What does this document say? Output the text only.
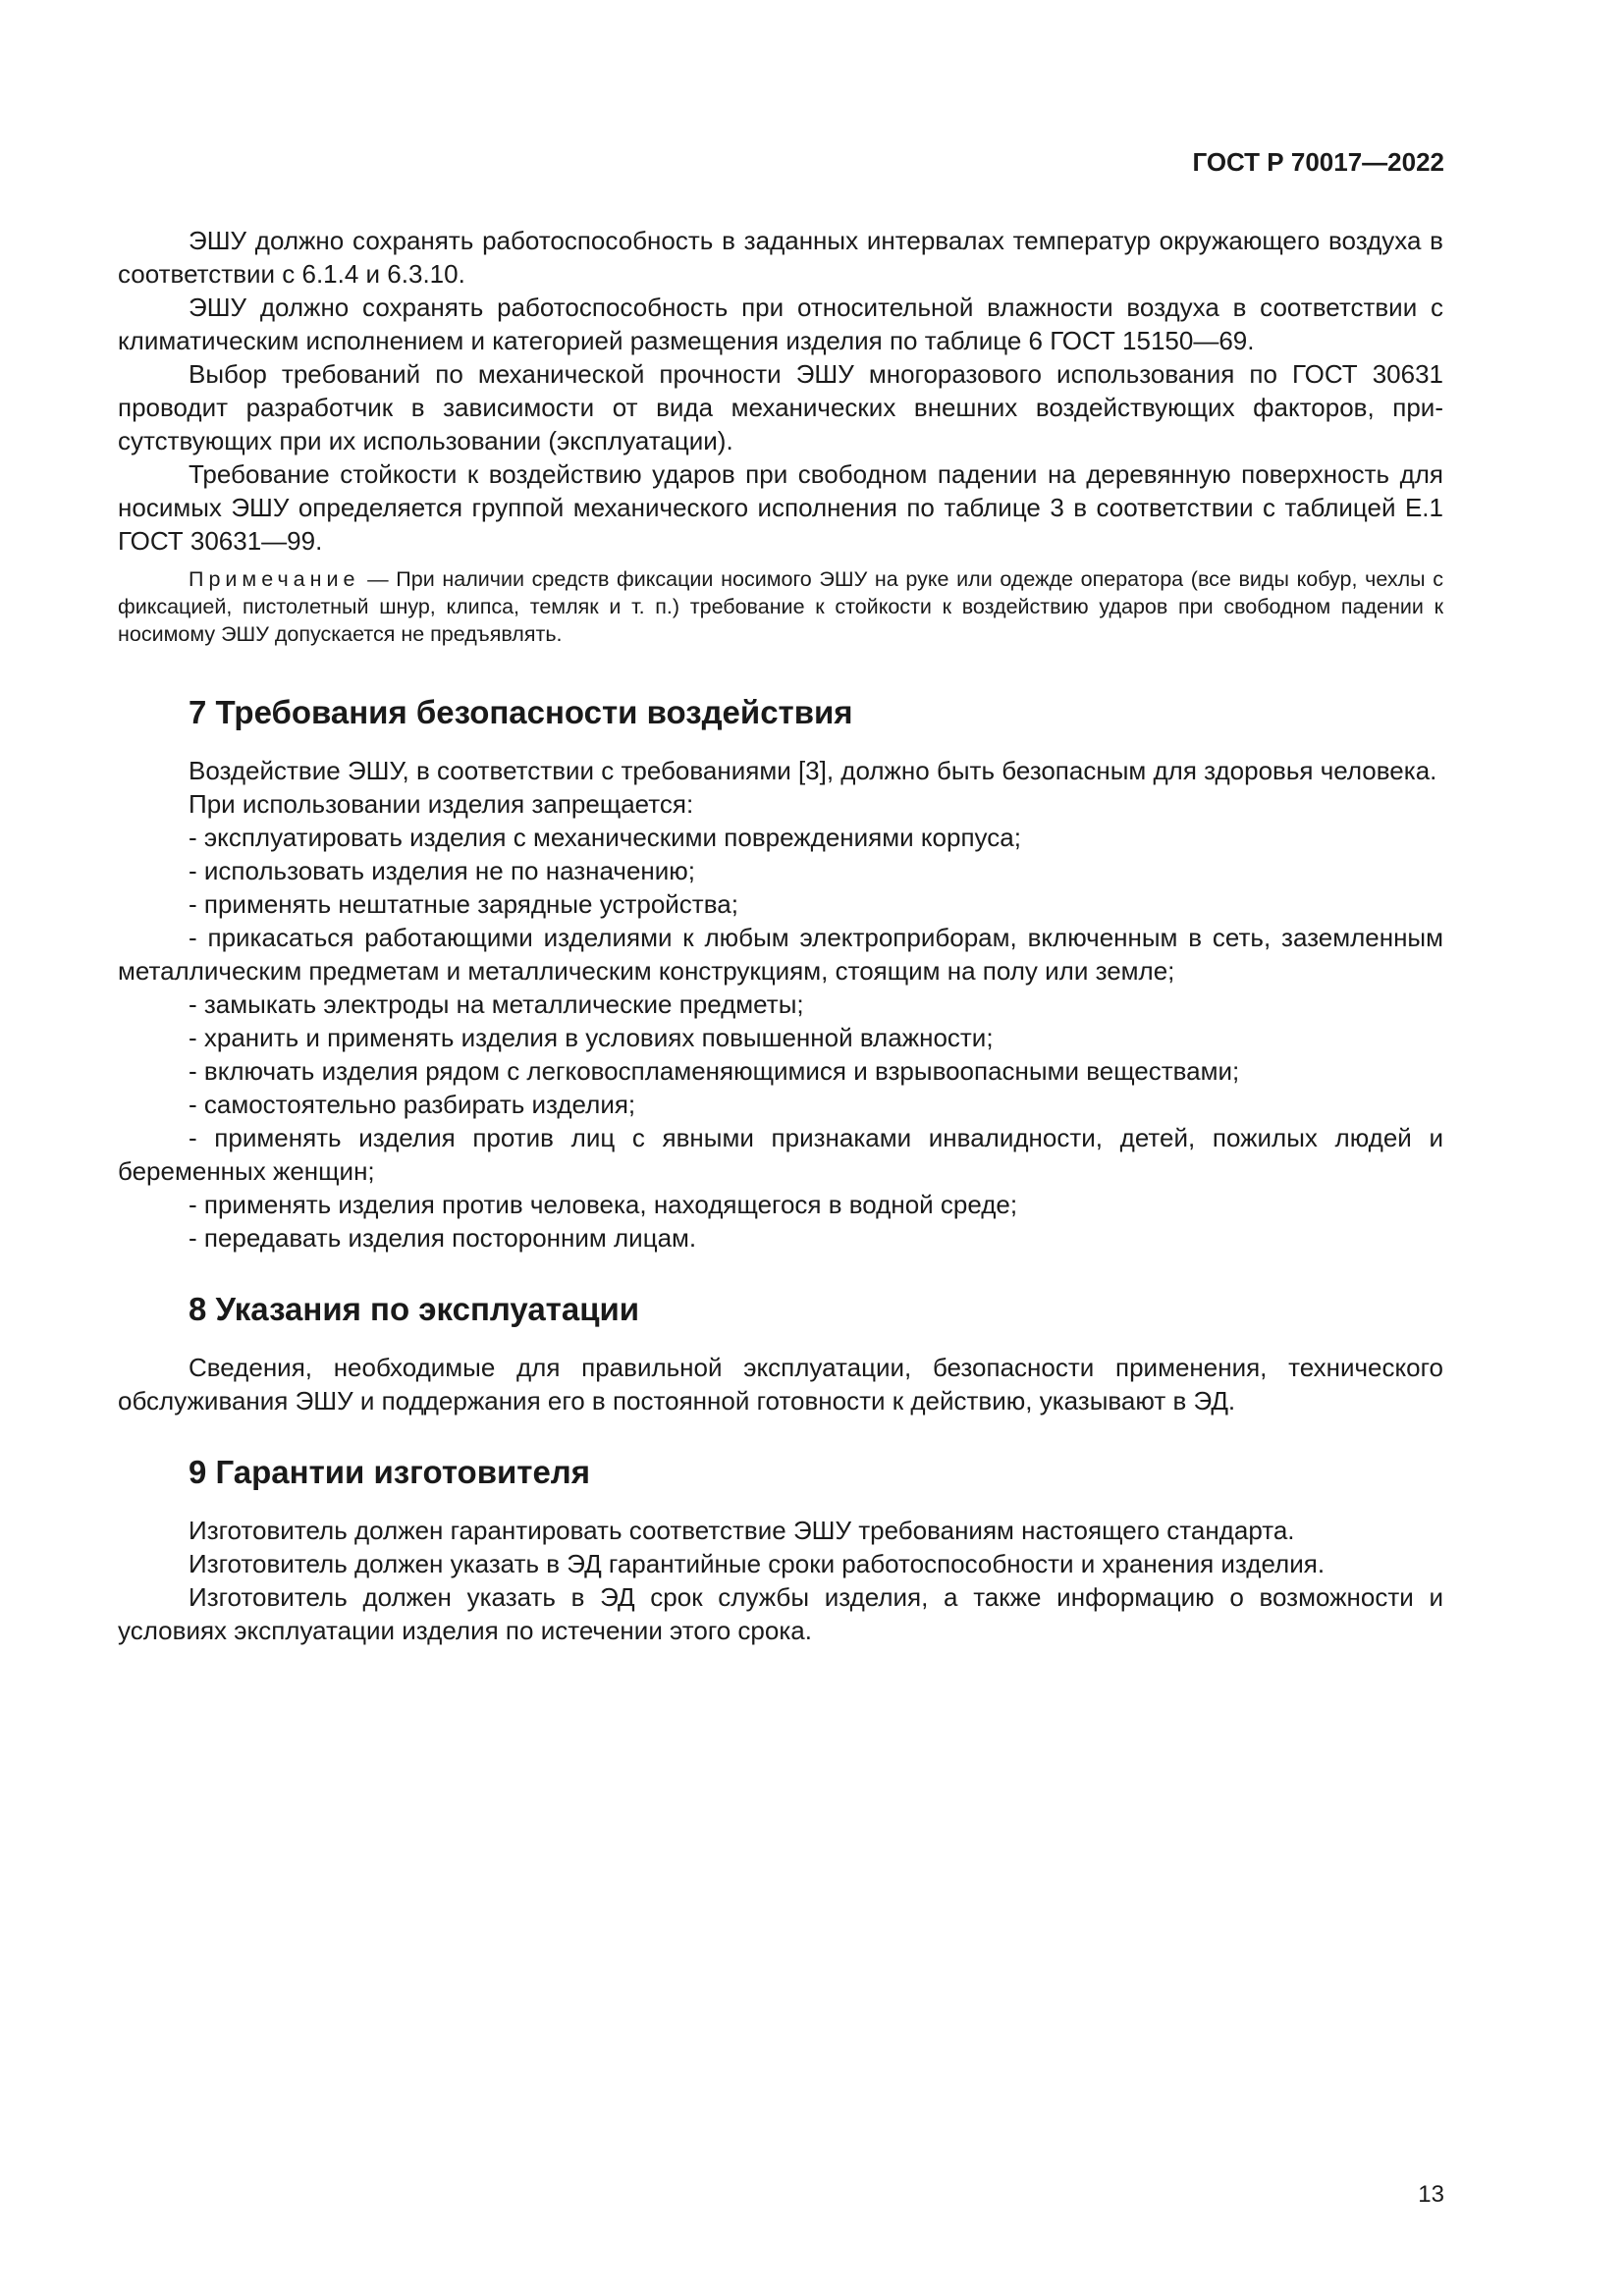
ГОСТ Р 70017—2022

ЭШУ должно сохранять работоспособность в заданных интервалах температур окружающего воздуха в соответствии с 6.1.4 и 6.3.10.

ЭШУ должно сохранять работоспособность при относительной влажности воздуха в соответствии с климатическим исполнением и категорией размещения изделия по таблице 6 ГОСТ 15150—69.

Выбор требований по механической прочности ЭШУ многоразового использования по ГОСТ 30631 проводит разработчик в зависимости от вида механических внешних воздействующих факторов, присутствующих при их использовании (эксплуатации).

Требование стойкости к воздействию ударов при свободном падении на деревянную поверхность для носимых ЭШУ определяется группой механического исполнения по таблице 3 в соответствии с таблицей Е.1 ГОСТ 30631—99.

Примечание — При наличии средств фиксации носимого ЭШУ на руке или одежде оператора (все виды кобур, чехлы с фиксацией, пистолетный шнур, клипса, темляк и т. п.) требование к стойкости к воздействию ударов при свободном падении к носимому ЭШУ допускается не предъявлять.

7 Требования безопасности воздействия

Воздействие ЭШУ, в соответствии с требованиями [3], должно быть безопасным для здоровья человека.

При использовании изделия запрещается:

- эксплуатировать изделия с механическими повреждениями корпуса;

- использовать изделия не по назначению;

- применять нештатные зарядные устройства;

- прикасаться работающими изделиями к любым электроприборам, включенным в сеть, заземленным металлическим предметам и металлическим конструкциям, стоящим на полу или земле;

- замыкать электроды на металлические предметы;

- хранить и применять изделия в условиях повышенной влажности;

- включать изделия рядом с легковоспламеняющимися и взрывоопасными веществами;

- самостоятельно разбирать изделия;

- применять изделия против лиц с явными признаками инвалидности, детей, пожилых людей и беременных женщин;

- применять изделия против человека, находящегося в водной среде;

- передавать изделия посторонним лицам.

8 Указания по эксплуатации

Сведения, необходимые для правильной эксплуатации, безопасности применения, технического обслуживания ЭШУ и поддержания его в постоянной готовности к действию, указывают в ЭД.

9 Гарантии изготовителя

Изготовитель должен гарантировать соответствие ЭШУ требованиям настоящего стандарта.

Изготовитель должен указать в ЭД гарантийные сроки работоспособности и хранения изделия.

Изготовитель должен указать в ЭД срок службы изделия, а также информацию о возможности и условиях эксплуатации изделия по истечении этого срока.

13
